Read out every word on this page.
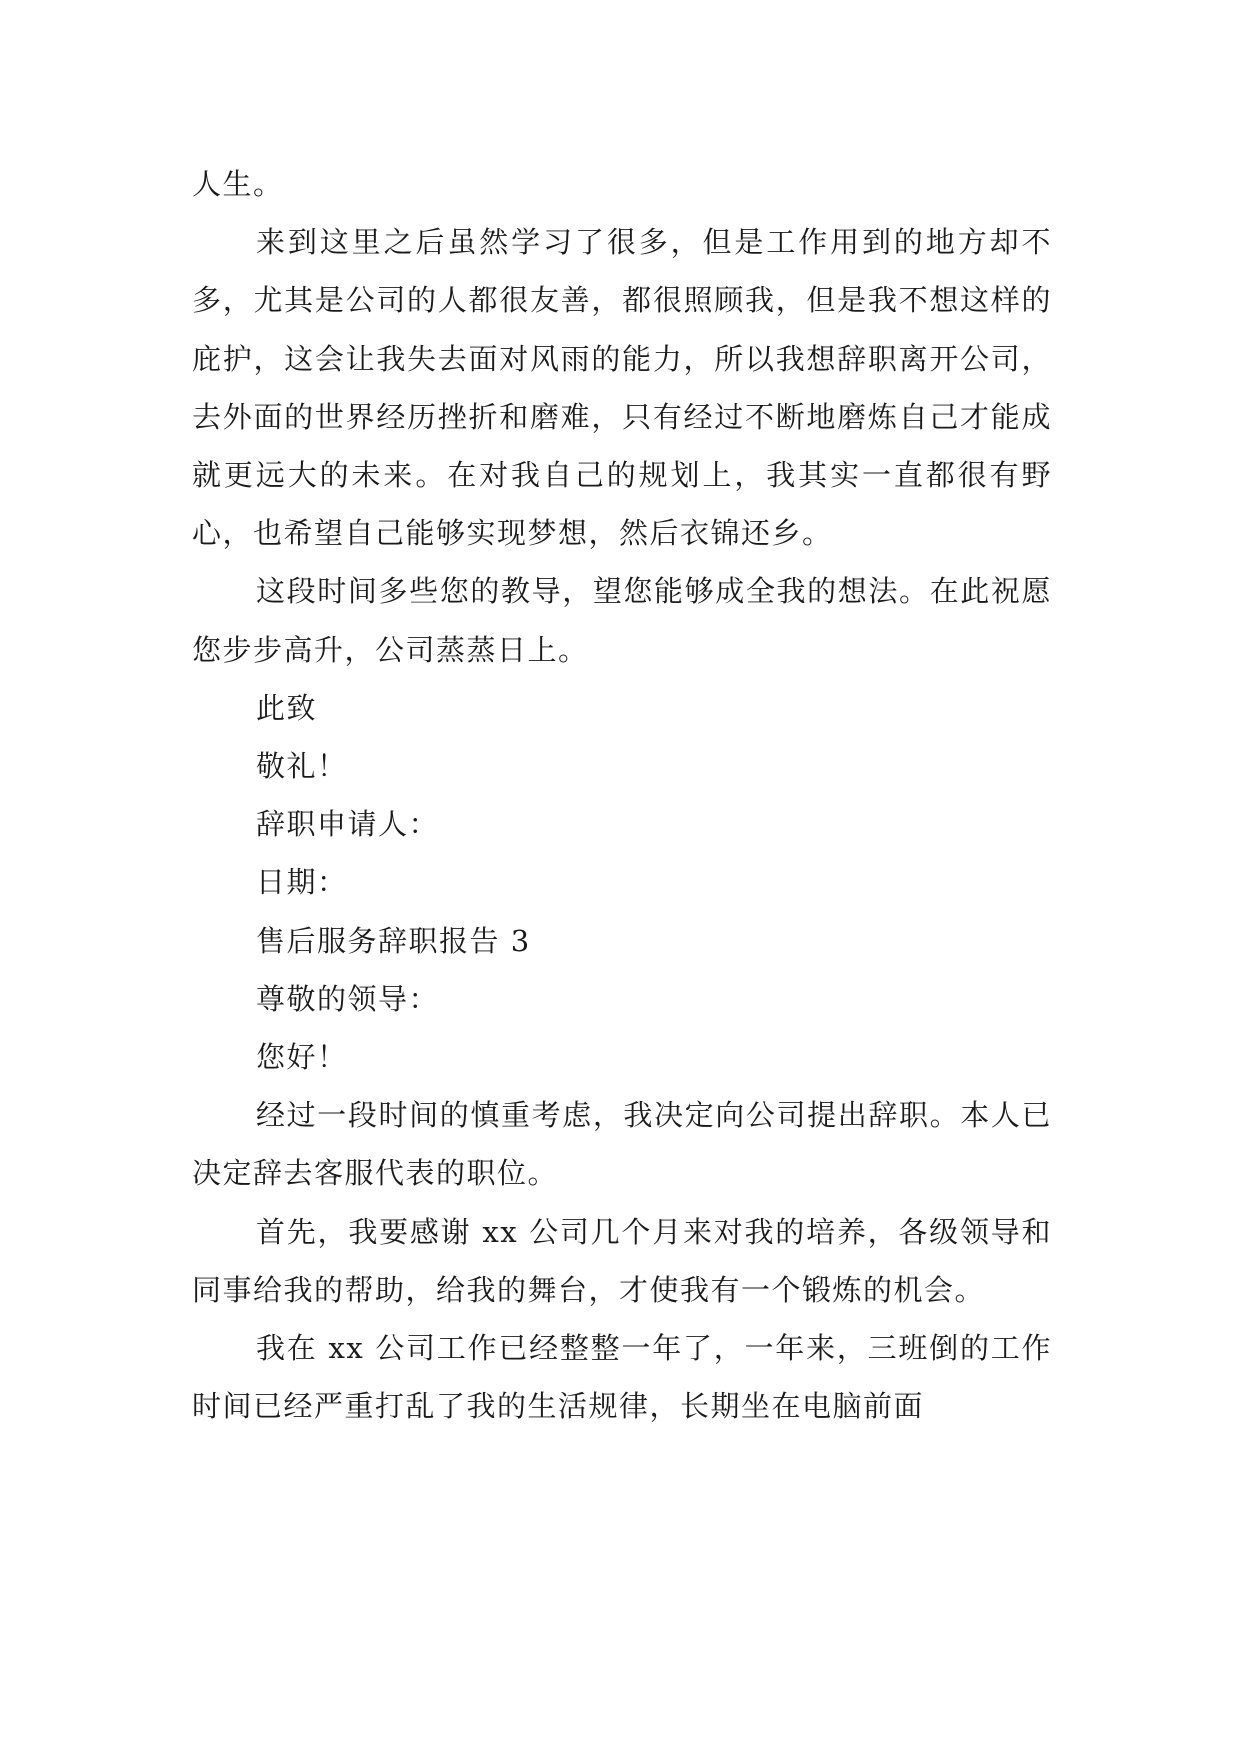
人生。

来到这里之后虽然学习了很多，但是工作用到的地方却不多，尤其是公司的人都很友善，都很照顾我，但是我不想这样的庇护，这会让我失去面对风雨的能力，所以我想辞职离开公司，去外面的世界经历挫折和磨难，只有经过不断地磨炼自己才能成就更远大的未来。在对我自己的规划上，我其实一直都很有野心，也希望自己能够实现梦想，然后衣锦还乡。

这段时间多些您的教导，望您能够成全我的想法。在此祝愿您步步高升，公司蒸蒸日上。

此致

敬礼！

辞职申请人：

日期：

售后服务辞职报告 3

尊敬的领导：

您好！

经过一段时间的慎重考虑，我决定向公司提出辞职。本人已决定辞去客服代表的职位。

首先，我要感谢 xx 公司几个月来对我的培养，各级领导和同事给我的帮助，给我的舞台，才使我有一个锻炼的机会。

我在 xx 公司工作已经整整一年了，一年来，三班倒的工作时间已经严重打乱了我的生活规律，长期坐在电脑前面
